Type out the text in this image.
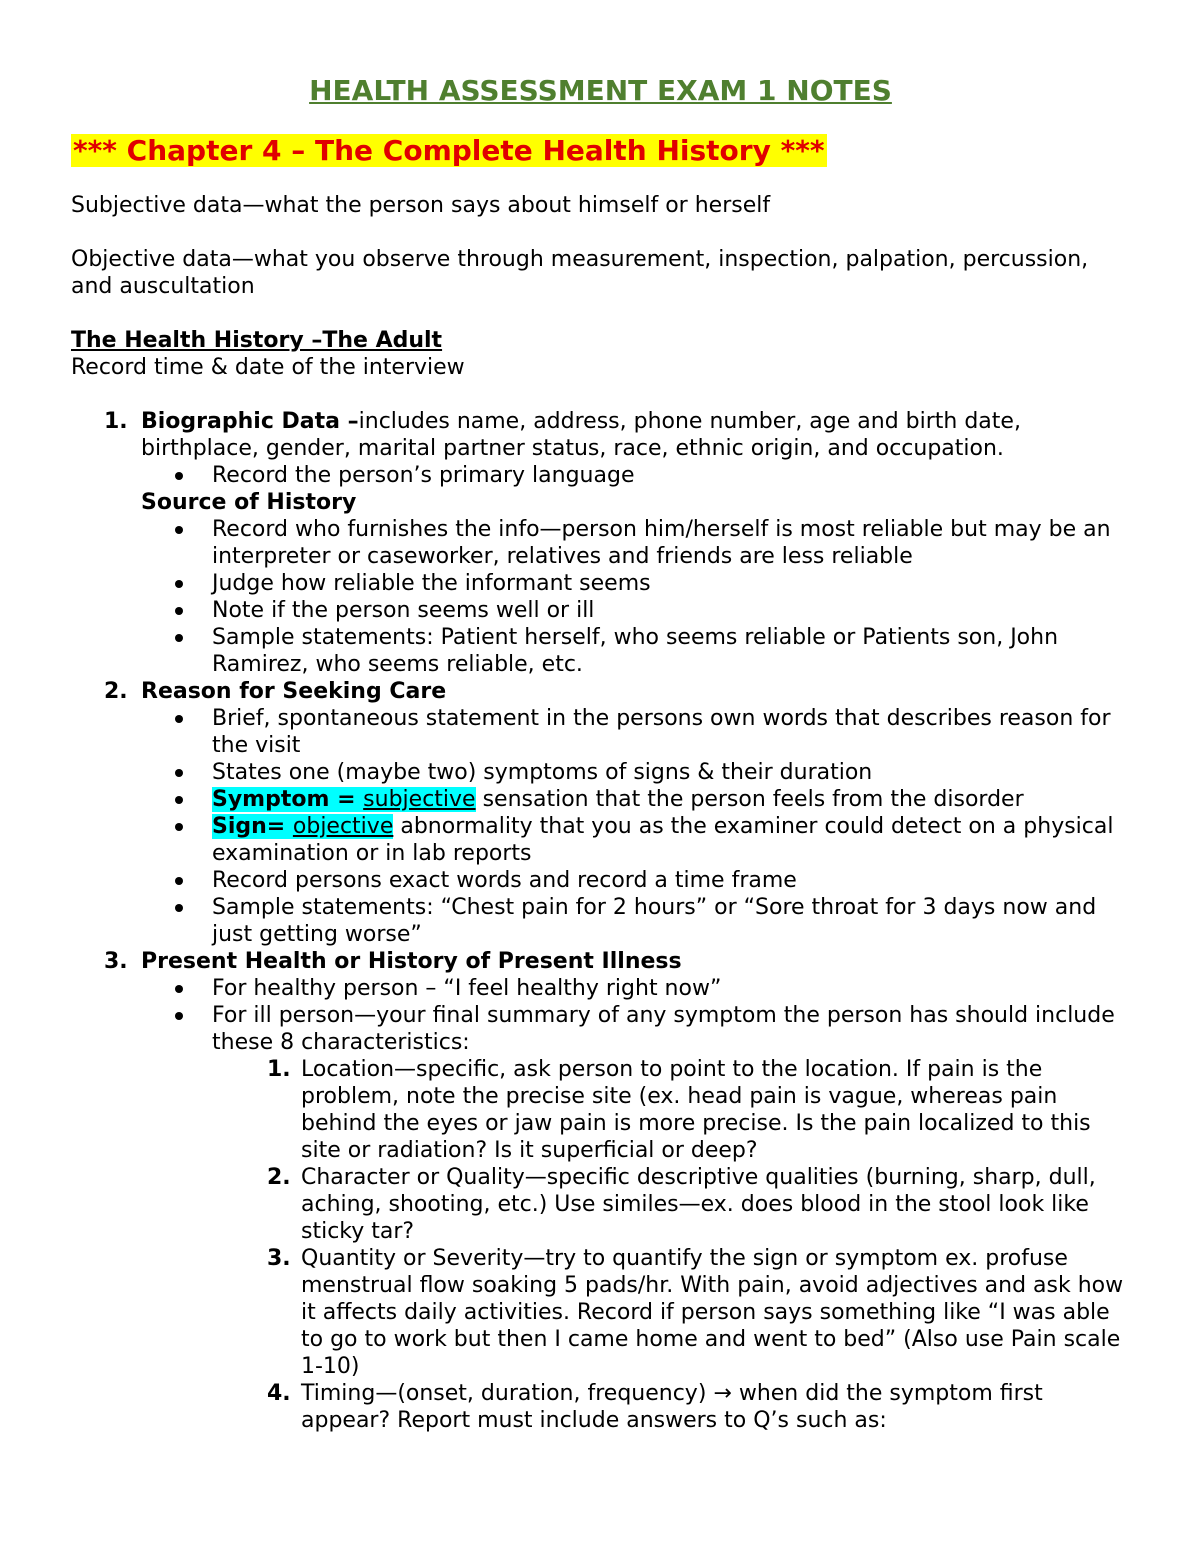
HEALTH ASSESSMENT EXAM 1 NOTES
*** Chapter 4 – The Complete Health History ***

Subjective data—what the person says about himself or herself

Objective data—what you observe through measurement, inspection, palpation, percussion, and auscultation

The Health History –The Adult

Record time & date of the interview

1. Biographic Data –includes name, address, phone number, age and birth date, birthplace, gender, marital partner status, race, ethnic origin, and occupation.
Record the person’s primary language

Source of History

Record who furnishes the info—person him/herself is most reliable but may be an interpreter or caseworker, relatives and friends are less reliable
Judge how reliable the informant seems
Note if the person seems well or ill
Sample statements: Patient herself, who seems reliable or Patients son, John Ramirez, who seems reliable, etc.
2. Reason for Seeking Care
Brief, spontaneous statement in the persons own words that describes reason for the visit
States one (maybe two) symptoms of signs & their duration
Symptom = subjective sensation that the person feels from the disorder
Sign= objective abnormality that you as the examiner could detect on a physical examination or in lab reports
Record persons exact words and record a time frame
Sample statements: “Chest pain for 2 hours” or “Sore throat for 3 days now and just getting worse”
3. Present Health or History of Present Illness
For healthy person – “I feel healthy right now”
For ill person—your final summary of any symptom the person has should include these 8 characteristics:
1. Location—specific, ask person to point to the location. If pain is the problem, note the precise site (ex. head pain is vague, whereas pain behind the eyes or jaw pain is more precise. Is the pain localized to this site or radiation? Is it superficial or deep?
2. Character or Quality—specific descriptive qualities (burning, sharp, dull, aching, shooting, etc.) Use similes—ex. does blood in the stool look like sticky tar?
3. Quantity or Severity—try to quantify the sign or symptom ex. profuse menstrual flow soaking 5 pads/hr. With pain, avoid adjectives and ask how it affects daily activities. Record if person says something like “I was able to go to work but then I came home and went to bed” (Also use Pain scale 1-10)
4. Timing—(onset, duration, frequency) → when did the symptom first appear? Report must include answers to Q’s such as:
